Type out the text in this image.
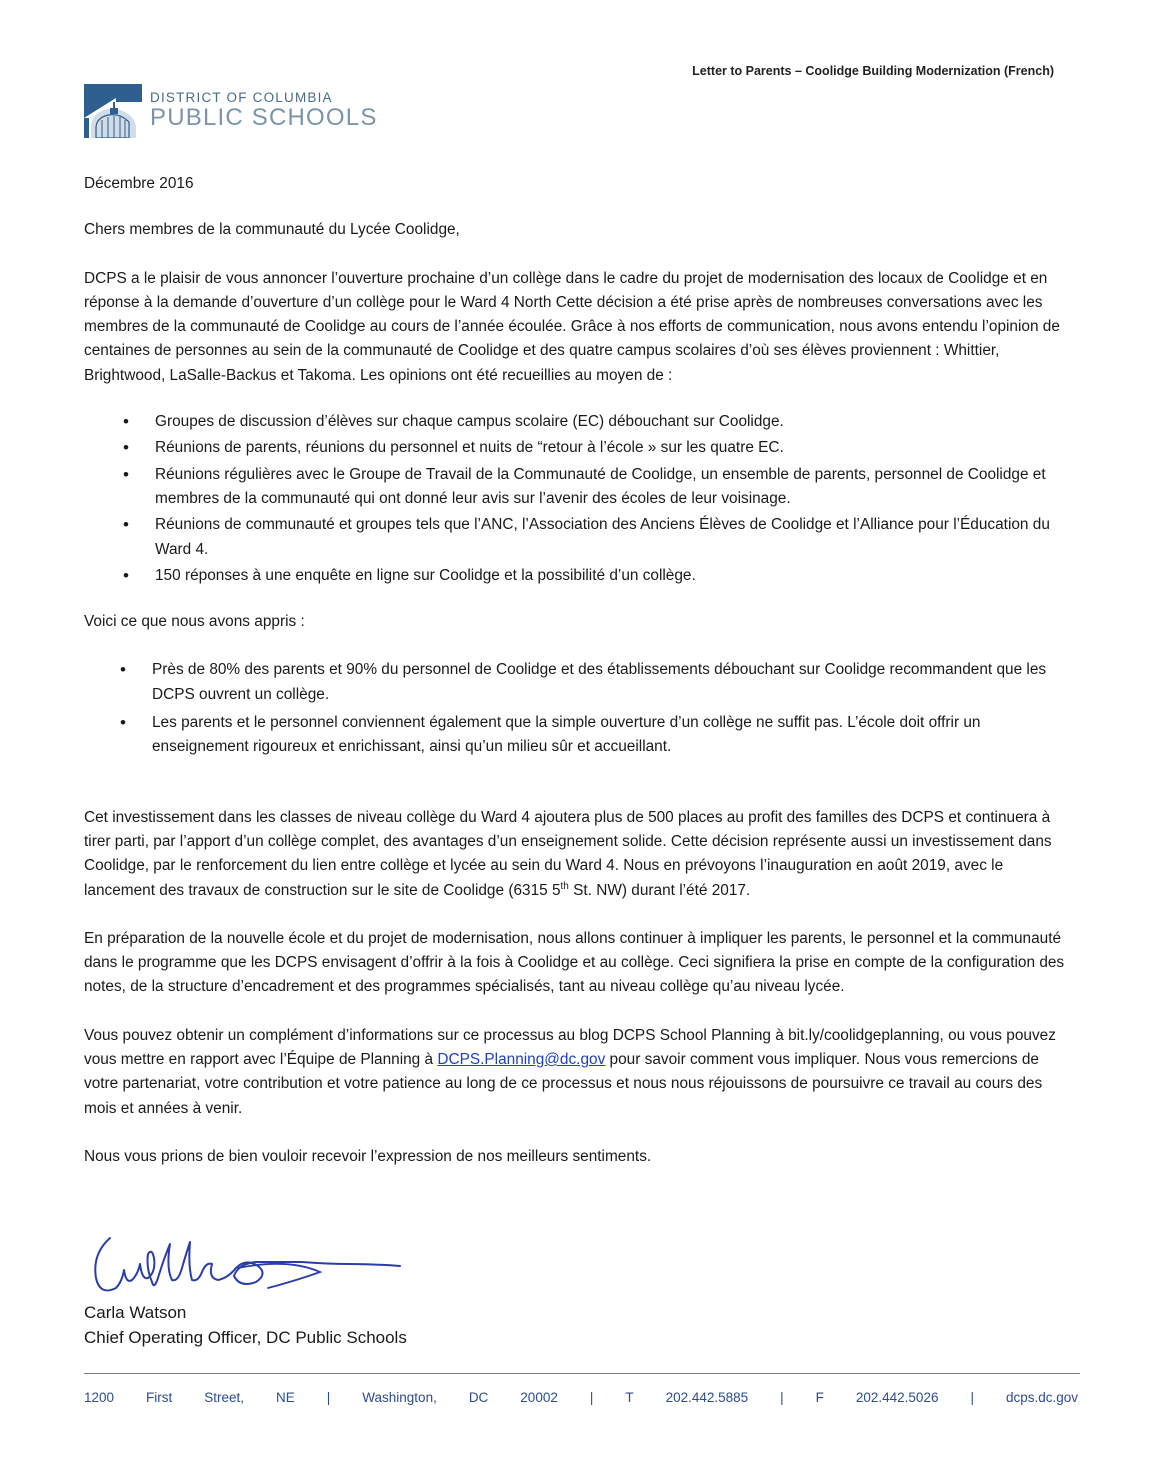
Letter to Parents – Coolidge Building Modernization (French)
DISTRICT OF COLUMBIA
PUBLIC SCHOOLS

Décembre 2016

Chers membres de la communauté du Lycée Coolidge,

DCPS a le plaisir de vous annoncer l’ouverture prochaine d’un collège dans le cadre du projet de modernisation des locaux de Coolidge et en réponse à la demande d’ouverture d’un collège pour le Ward 4 North Cette décision a été prise après de nombreuses conversations avec les membres de la communauté de Coolidge au cours de l’année écoulée. Grâce à nos efforts de communication, nous avons entendu l’opinion de centaines de personnes au sein de la communauté de Coolidge et des quatre campus scolaires d’où ses élèves proviennent : Whittier, Brightwood, LaSalle-Backus et Takoma. Les opinions ont été recueillies au moyen de :

• Groupes de discussion d’élèves sur chaque campus scolaire (EC) débouchant sur Coolidge.
• Réunions de parents, réunions du personnel et nuits de “retour à l’école » sur les quatre EC.
• Réunions régulières avec le Groupe de Travail de la Communauté de Coolidge, un ensemble de parents, personnel de Coolidge et membres de la communauté qui ont donné leur avis sur l’avenir des écoles de leur voisinage.
• Réunions de communauté et groupes tels que l’ANC, l’Association des Anciens Élèves de Coolidge et l’Alliance pour l’Éducation du Ward 4.
• 150 réponses à une enquête en ligne sur Coolidge et la possibilité d’un collège.

Voici ce que nous avons appris :

• Près de 80% des parents et 90% du personnel de Coolidge et des établissements débouchant sur Coolidge recommandent que les DCPS ouvrent un collège.
• Les parents et le personnel conviennent également que la simple ouverture d’un collège ne suffit pas. L’école doit offrir un enseignement rigoureux et enrichissant, ainsi qu’un milieu sûr et accueillant.

Cet investissement dans les classes de niveau collège du Ward 4 ajoutera plus de 500 places au profit des familles des DCPS et continuera à tirer parti, par l’apport d’un collège complet, des avantages d’un enseignement solide. Cette décision représente aussi un investissement dans Coolidge, par le renforcement du lien entre collège et lycée au sein du Ward 4. Nous en prévoyons l’inauguration en août 2019, avec le lancement des travaux de construction sur le site de Coolidge (6315 5th St. NW) durant l’été 2017.

En préparation de la nouvelle école et du projet de modernisation, nous allons continuer à impliquer les parents, le personnel et la communauté dans le programme que les DCPS envisagent d’offrir à la fois à Coolidge et au collège. Ceci signifiera la prise en compte de la configuration des notes, de la structure d’encadrement et des programmes spécialisés, tant au niveau collège qu’au niveau lycée.

Vous pouvez obtenir un complément d’informations sur ce processus au blog DCPS School Planning à bit.ly/coolidgeplanning, ou vous pouvez vous mettre en rapport avec l’Équipe de Planning à DCPS.Planning@dc.gov pour savoir comment vous impliquer. Nous vous remercions de votre partenariat, votre contribution et votre patience au long de ce processus et nous nous réjouissons de poursuivre ce travail au cours des mois et années à venir.

Nous vous prions de bien vouloir recevoir l’expression de nos meilleurs sentiments.

Carla Watson
Chief Operating Officer, DC Public Schools
1200 First Street, NE | Washington, DC 20002 | T 202.442.5885 | F 202.442.5026 | dcps.dc.gov
